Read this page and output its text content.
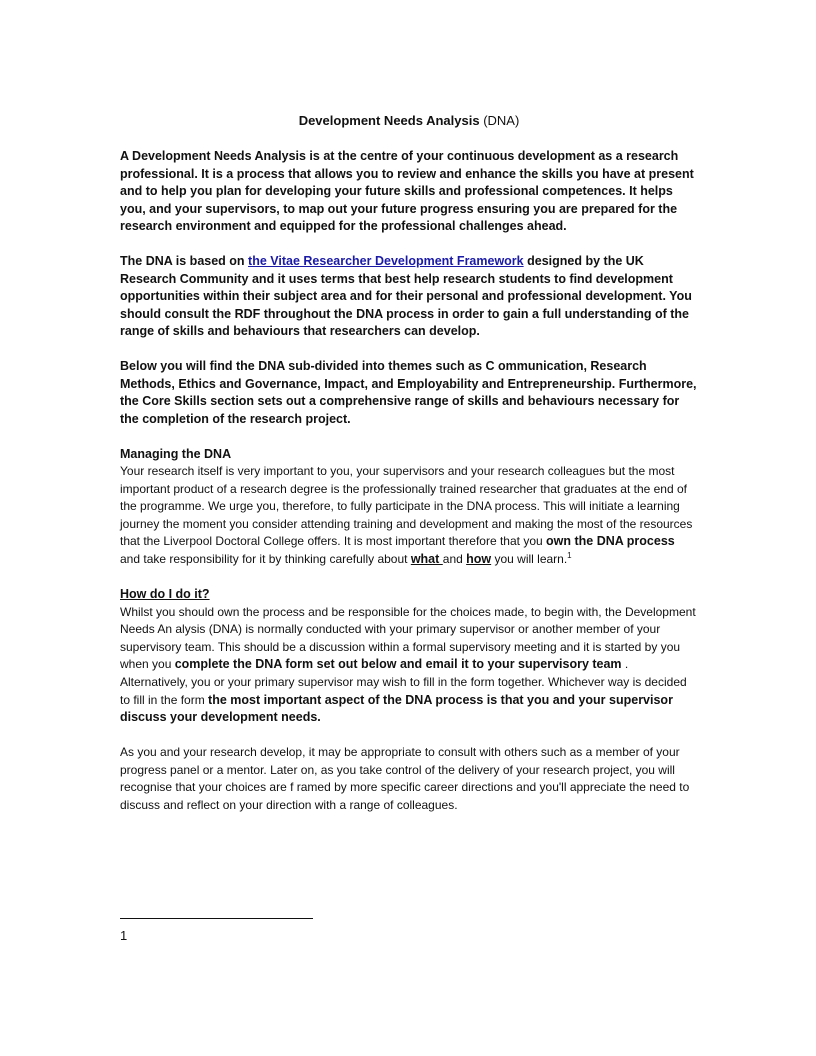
Development Needs Analysis (DNA)

A Development Needs Analysis is at the centre of your continuous development as a research professional. It is a process that allows you to review and enhance the skills you have at present and to help you plan for developing your future skills and professional competences. It helps you, and your supervisors, to map out your future progress ensuring you are prepared for the research environment and equipped for the professional challenges ahead.

The DNA is based on the Vitae Researcher Development Framework designed by the UK Research Community and it uses terms that best help research students to find development opportunities within their subject area and for their personal and professional development. You should consult the RDF throughout the DNA process in order to gain a full understanding of the range of skills and behaviours that researchers can develop.

Below you will find the DNA sub-divided into themes such as C ommunication, Research Methods, Ethics and Governance, Impact, and Employability and Entrepreneurship. Furthermore, the Core Skills section sets out a comprehensive range of skills and behaviours necessary for the completion of the research project.

Managing the DNA
Your research itself is very important to you, your supervisors and your research colleagues but the most important product of a research degree is the professionally trained researcher that graduates at the end of the programme. We urge you, therefore, to fully participate in the DNA process. This will initiate a learning journey the moment you consider attending training and development and making the most of the resources that the Liverpool Doctoral College offers. It is most important therefore that you own the DNA process and take responsibility for it by thinking carefully about what and how you will learn.$^1$
How do I do it?
Whilst you should own the process and be responsible for the choices made, to begin with, the Development Needs An alysis (DNA) is normally conducted with your primary supervisor or another member of your supervisory team. This should be a discussion within a formal supervisory meeting and it is started by you when you complete the DNA form set out below and email it to your supervisory team . Alternatively, you or your primary supervisor may wish to fill in the form together. Whichever way is decided to fill in the form the most important aspect of the DNA process is that you and your supervisor discuss your development needs.
As you and your research develop, it may be appropriate to consult with others such as a member of your progress panel or a mentor. Later on, as you take control of the delivery of your research project, you will recognise that your choices are f ramed by more specific career directions and you'll appreciate the need to discuss and reflect on your direction with a range of colleagues.
1
